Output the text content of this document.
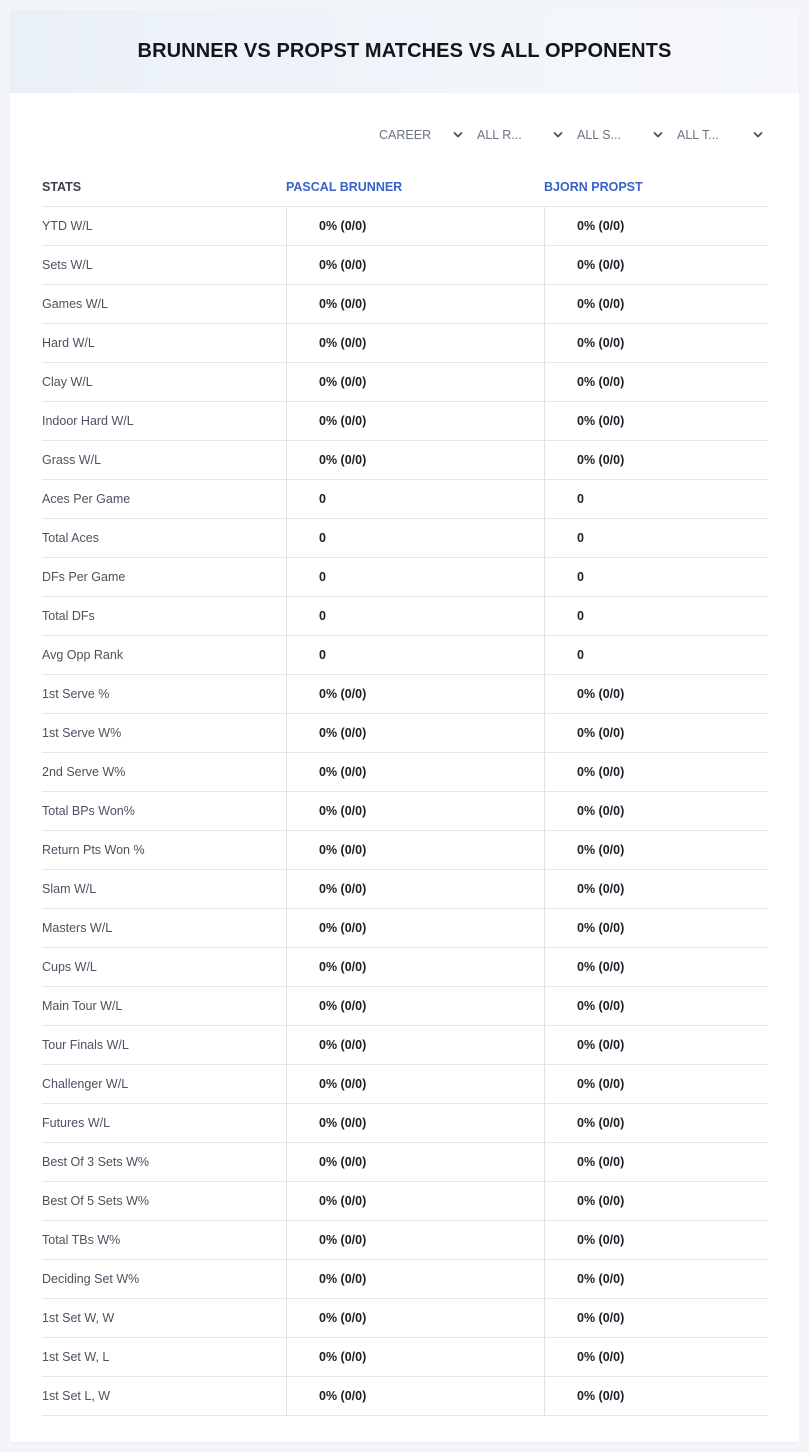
BRUNNER VS PROPST MATCHES VS ALL OPPONENTS
CAREER	ALL R...	ALL S...	ALL T...
STATS	PASCAL BRUNNER	BJORN PROPST
YTD W/L	0% (0/0)	0% (0/0)
Sets W/L	0% (0/0)	0% (0/0)
Games W/L	0% (0/0)	0% (0/0)
Hard W/L	0% (0/0)	0% (0/0)
Clay W/L	0% (0/0)	0% (0/0)
Indoor Hard W/L	0% (0/0)	0% (0/0)
Grass W/L	0% (0/0)	0% (0/0)
Aces Per Game	0	0
Total Aces	0	0
DFs Per Game	0	0
Total DFs	0	0
Avg Opp Rank	0	0
1st Serve %	0% (0/0)	0% (0/0)
1st Serve W%	0% (0/0)	0% (0/0)
2nd Serve W%	0% (0/0)	0% (0/0)
Total BPs Won%	0% (0/0)	0% (0/0)
Return Pts Won %	0% (0/0)	0% (0/0)
Slam W/L	0% (0/0)	0% (0/0)
Masters W/L	0% (0/0)	0% (0/0)
Cups W/L	0% (0/0)	0% (0/0)
Main Tour W/L	0% (0/0)	0% (0/0)
Tour Finals W/L	0% (0/0)	0% (0/0)
Challenger W/L	0% (0/0)	0% (0/0)
Futures W/L	0% (0/0)	0% (0/0)
Best Of 3 Sets W%	0% (0/0)	0% (0/0)
Best Of 5 Sets W%	0% (0/0)	0% (0/0)
Total TBs W%	0% (0/0)	0% (0/0)
Deciding Set W%	0% (0/0)	0% (0/0)
1st Set W, W	0% (0/0)	0% (0/0)
1st Set W, L	0% (0/0)	0% (0/0)
1st Set L, W	0% (0/0)	0% (0/0)
